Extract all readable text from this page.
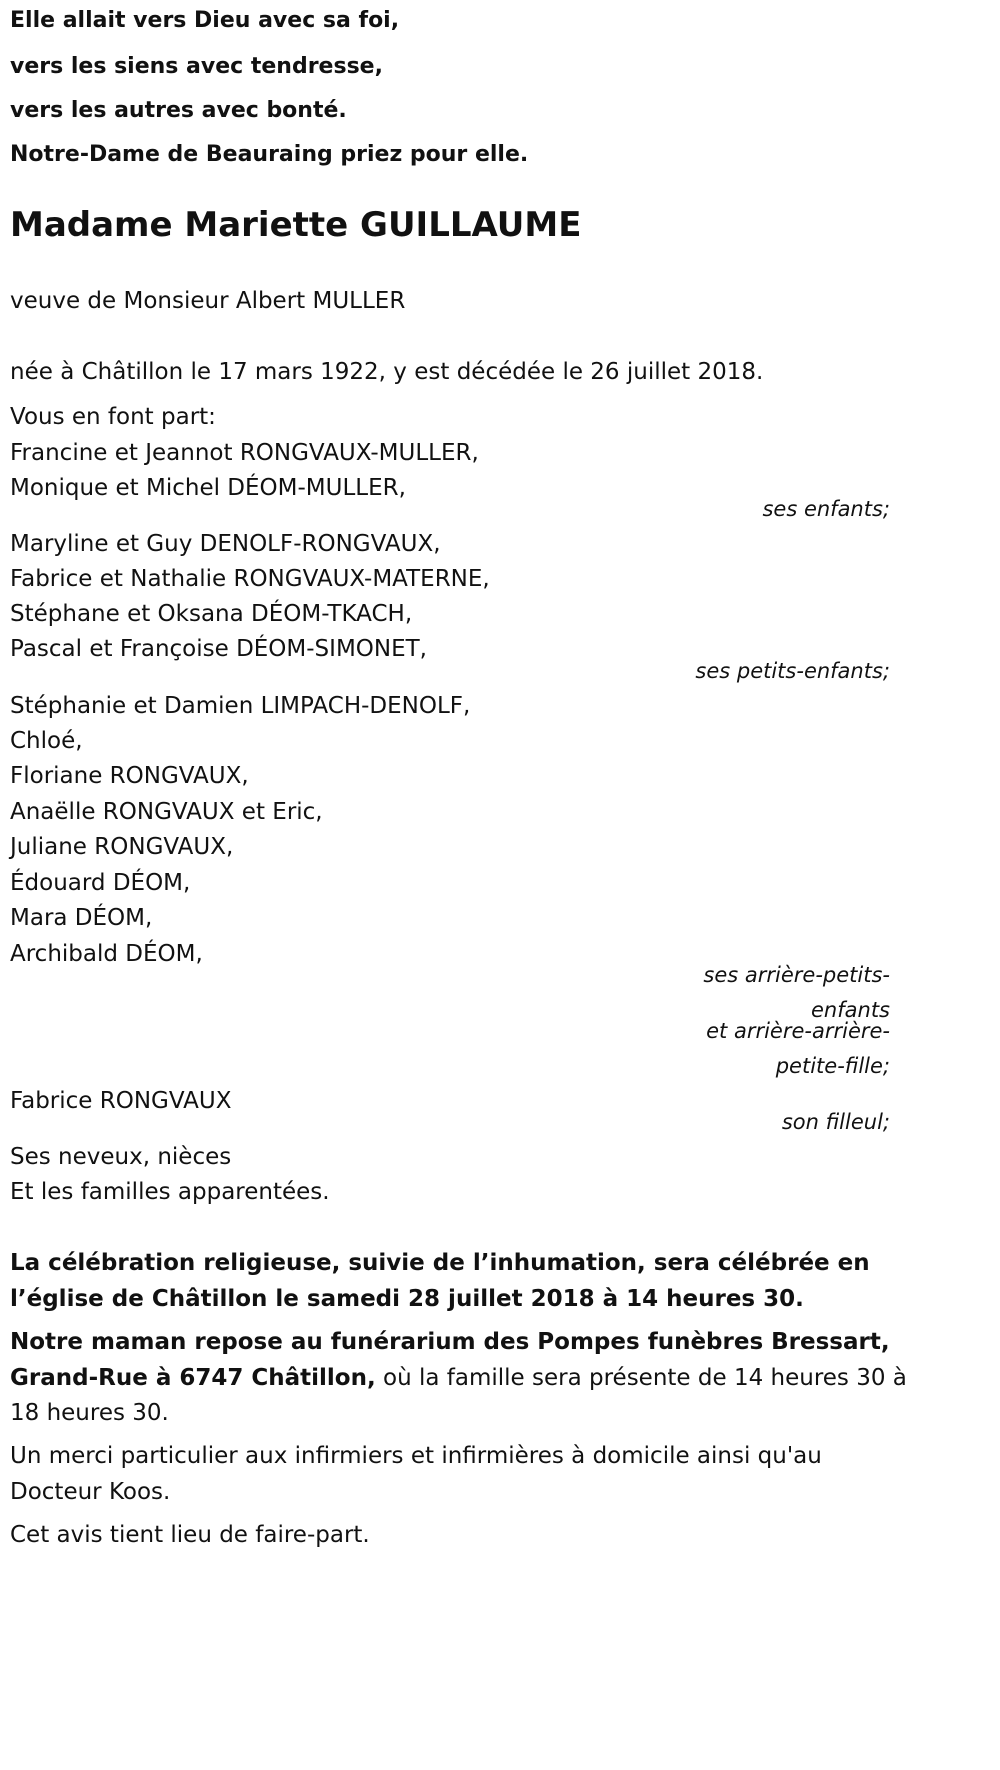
Elle allait vers Dieu avec sa foi,
vers les siens avec tendresse,
vers les autres avec bonté.
Notre-Dame de Beauraing priez pour elle.
Madame Mariette GUILLAUME
veuve de Monsieur Albert MULLER
née à Châtillon le 17 mars 1922, y est décédée le 26 juillet 2018.
Vous en font part:
Francine et Jeannot RONGVAUX-MULLER,
Monique et Michel DÉOM-MULLER,
ses enfants;
Maryline et Guy DENOLF-RONGVAUX,
Fabrice et Nathalie RONGVAUX-MATERNE,
Stéphane et Oksana DÉOM-TKACH,
Pascal et Françoise DÉOM-SIMONET,
ses petits-enfants;
Stéphanie et Damien LIMPACH-DENOLF,
Chloé,
Floriane RONGVAUX,
Anaëlle RONGVAUX et Eric,
Juliane RONGVAUX,
Édouard DÉOM,
Mara DÉOM,
Archibald DÉOM,
ses arrière-petits-
enfants
et arrière-arrière-
petite-fille;
Fabrice RONGVAUX
son filleul;
Ses neveux, nièces
Et les familles apparentées.
La célébration religieuse, suivie de l’inhumation, sera célébrée en
l’église de Châtillon le samedi 28 juillet 2018 à 14 heures 30.
Notre maman repose au funérarium des Pompes funèbres Bressart,
Grand-Rue à 6747 Châtillon, où la famille sera présente de 14 heures 30 à
18 heures 30.
Un merci particulier aux infirmiers et infirmières à domicile ainsi qu'au
Docteur Koos.
Cet avis tient lieu de faire-part.
